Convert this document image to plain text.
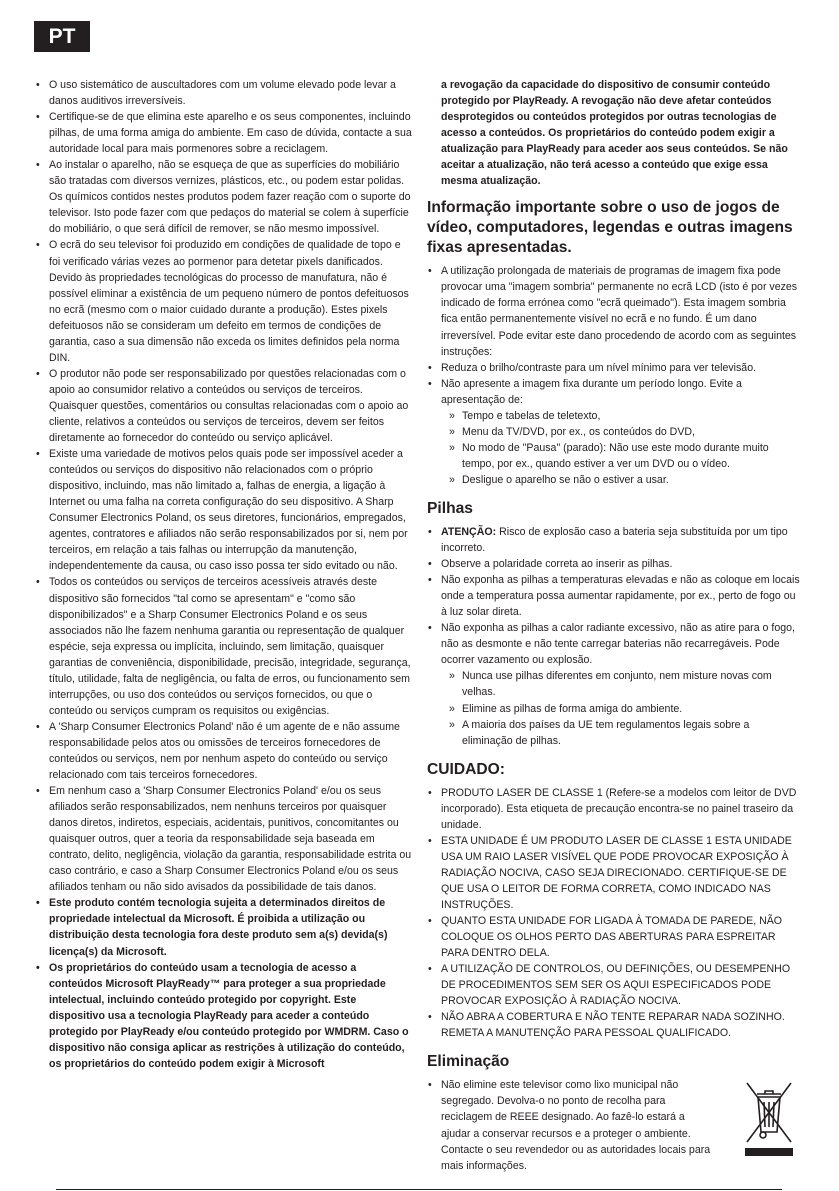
PT
• O uso sistemático de auscultadores com um volume elevado pode levar a danos auditivos irreversíveis.
• Certifique-se de que elimina este aparelho e os seus componentes, incluindo pilhas, de uma forma amiga do ambiente. Em caso de dúvida, contacte a sua autoridade local para mais pormenores sobre a reciclagem.
• Ao instalar o aparelho, não se esqueça de que as superfícies do mobiliário são tratadas com diversos vernizes, plásticos, etc., ou podem estar polidas. Os químicos contidos nestes produtos podem fazer reação com o suporte do televisor. Isto pode fazer com que pedaços do material se colem à superfície do mobiliário, o que será difícil de remover, se não mesmo impossível.
• O ecrã do seu televisor foi produzido em condições de qualidade de topo e foi verificado várias vezes ao pormenor para detetar pixels danificados. Devido às propriedades tecnológicas do processo de manufatura, não é possível eliminar a existência de um pequeno número de pontos defeituosos no ecrã (mesmo com o maior cuidado durante a produção). Estes pixels defeituosos não se consideram um defeito em termos de condições de garantia, caso a sua dimensão não exceda os limites definidos pela norma DIN.
• O produtor não pode ser responsabilizado por questões relacionadas com o apoio ao consumidor relativo a conteúdos ou serviços de terceiros. Quaisquer questões, comentários ou consultas relacionadas com o apoio ao cliente, relativos a conteúdos ou serviços de terceiros, devem ser feitos diretamente ao fornecedor do conteúdo ou serviço aplicável.
• Existe uma variedade de motivos pelos quais pode ser impossível aceder a conteúdos ou serviços do dispositivo não relacionados com o próprio dispositivo, incluindo, mas não limitado a, falhas de energia, a ligação à Internet ou uma falha na correta configuração do seu dispositivo. A Sharp Consumer Electronics Poland, os seus diretores, funcionários, empregados, agentes, contratores e afiliados não serão responsabilizados por si, nem por terceiros, em relação a tais falhas ou interrupção da manutenção, independentemente da causa, ou caso isso possa ter sido evitado ou não.
• Todos os conteúdos ou serviços de terceiros acessíveis através deste dispositivo são fornecidos "tal como se apresentam" e "como são disponibilizados" e a Sharp Consumer Electronics Poland e os seus associados não lhe fazem nenhuma garantia ou representação de qualquer espécie, seja expressa ou implícita, incluindo, sem limitação, quaisquer garantias de conveniência, disponibilidade, precisão, integridade, segurança, título, utilidade, falta de negligência, ou falta de erros, ou funcionamento sem interrupções, ou uso dos conteúdos ou serviços fornecidos, ou que o conteúdo ou serviços cumpram os requisitos ou exigências.
• A 'Sharp Consumer Electronics Poland' não é um agente de e não assume responsabilidade pelos atos ou omissões de terceiros fornecedores de conteúdos ou serviços, nem por nenhum aspeto do conteúdo ou serviço relacionado com tais terceiros fornecedores.
• Em nenhum caso a 'Sharp Consumer Electronics Poland' e/ou os seus afiliados serão responsabilizados, nem nenhuns terceiros por quaisquer danos diretos, indiretos, especiais, acidentais, punitivos, concomitantes ou quaisquer outros, quer a teoria da responsabilidade seja baseada em contrato, delito, negligência, violação da garantia, responsabilidade estrita ou caso contrário, e caso a Sharp Consumer Electronics Poland e/ou os seus afiliados tenham ou não sido avisados da possibilidade de tais danos.
• Este produto contém tecnologia sujeita a determinados direitos de propriedade intelectual da Microsoft. É proibida a utilização ou distribuição desta tecnologia fora deste produto sem a(s) devida(s) licença(s) da Microsoft.
• Os proprietários do conteúdo usam a tecnologia de acesso a conteúdos Microsoft PlayReady™ para proteger a sua propriedade intelectual, incluindo conteúdo protegido por copyright. Este dispositivo usa a tecnologia PlayReady para aceder a conteúdo protegido por PlayReady e/ou conteúdo protegido por WMDRM. Caso o dispositivo não consiga aplicar as restrições à utilização do conteúdo, os proprietários do conteúdo podem exigir à Microsoft

a revogação da capacidade do dispositivo de consumir conteúdo protegido por PlayReady. A revogação não deve afetar conteúdos desprotegidos ou conteúdos protegidos por outras tecnologias de acesso a conteúdos. Os proprietários do conteúdo podem exigir a atualização para PlayReady para aceder aos seus conteúdos. Se não aceitar a atualização, não terá acesso a conteúdo que exige essa mesma atualização.

Informação importante sobre o uso de jogos de vídeo, computadores, legendas e outras imagens fixas apresentadas.
• A utilização prolongada de materiais de programas de imagem fixa pode provocar uma "imagem sombria" permanente no ecrã LCD (isto é por vezes indicado de forma errónea como "ecrã queimado"). Esta imagem sombria fica então permanentemente visível no ecrã e no fundo. É um dano irreversível. Pode evitar este dano procedendo de acordo com as seguintes instruções:
• Reduza o brilho/contraste para um nível mínimo para ver televisão.
• Não apresente a imagem fixa durante um período longo. Evite a apresentação de:
» Tempo e tabelas de teletexto,
» Menu da TV/DVD, por ex., os conteúdos do DVD,
» No modo de "Pausa" (parado): Não use este modo durante muito tempo, por ex., quando estiver a ver um DVD ou o vídeo.
» Desligue o aparelho se não o estiver a usar.
Pilhas
• ATENÇÃO: Risco de explosão caso a bateria seja substituída por um tipo incorreto.
• Observe a polaridade correta ao inserir as pilhas.
• Não exponha as pilhas a temperaturas elevadas e não as coloque em locais onde a temperatura possa aumentar rapidamente, por ex., perto de fogo ou à luz solar direta.
• Não exponha as pilhas a calor radiante excessivo, não as atire para o fogo, não as desmonte e não tente carregar baterias não recarregáveis. Pode ocorrer vazamento ou explosão.
» Nunca use pilhas diferentes em conjunto, nem misture novas com velhas.
» Elimine as pilhas de forma amiga do ambiente.
» A maioria dos países da UE tem regulamentos legais sobre a eliminação de pilhas.
CUIDADO:
• PRODUTO LASER DE CLASSE 1 (Refere-se a modelos com leitor de DVD incorporado). Esta etiqueta de precaução encontra-se no painel traseiro da unidade.
• ESTA UNIDADE É UM PRODUTO LASER DE CLASSE 1 ESTA UNIDADE USA UM RAIO LASER VISÍVEL QUE PODE PROVOCAR EXPOSIÇÃO À RADIAÇÃO NOCIVA, CASO SEJA DIRECIONADO. CERTIFIQUE-SE DE QUE USA O LEITOR DE FORMA CORRETA, COMO INDICADO NAS INSTRUÇÕES.
• QUANTO ESTA UNIDADE FOR LIGADA À TOMADA DE PAREDE, NÃO COLOQUE OS OLHOS PERTO DAS ABERTURAS PARA ESPREITAR PARA DENTRO DELA.
• A UTILIZAÇÃO DE CONTROLOS, OU DEFINIÇÕES, OU DESEMPENHO DE PROCEDIMENTOS SEM SER OS AQUI ESPECIFICADOS PODE PROVOCAR EXPOSIÇÃO À RADIAÇÃO NOCIVA.
• NÃO ABRA A COBERTURA E NÃO TENTE REPARAR NADA SOZINHO. REMETA A MANUTENÇÃO PARA PESSOAL QUALIFICADO.
Eliminação
• Não elimine este televisor como lixo municipal não segregado. Devolva-o no ponto de recolha para reciclagem de REEE designado. Ao fazê-lo estará a ajudar a conservar recursos e a proteger o ambiente. Contacte o seu revendedor ou as autoridades locais para mais informações.
